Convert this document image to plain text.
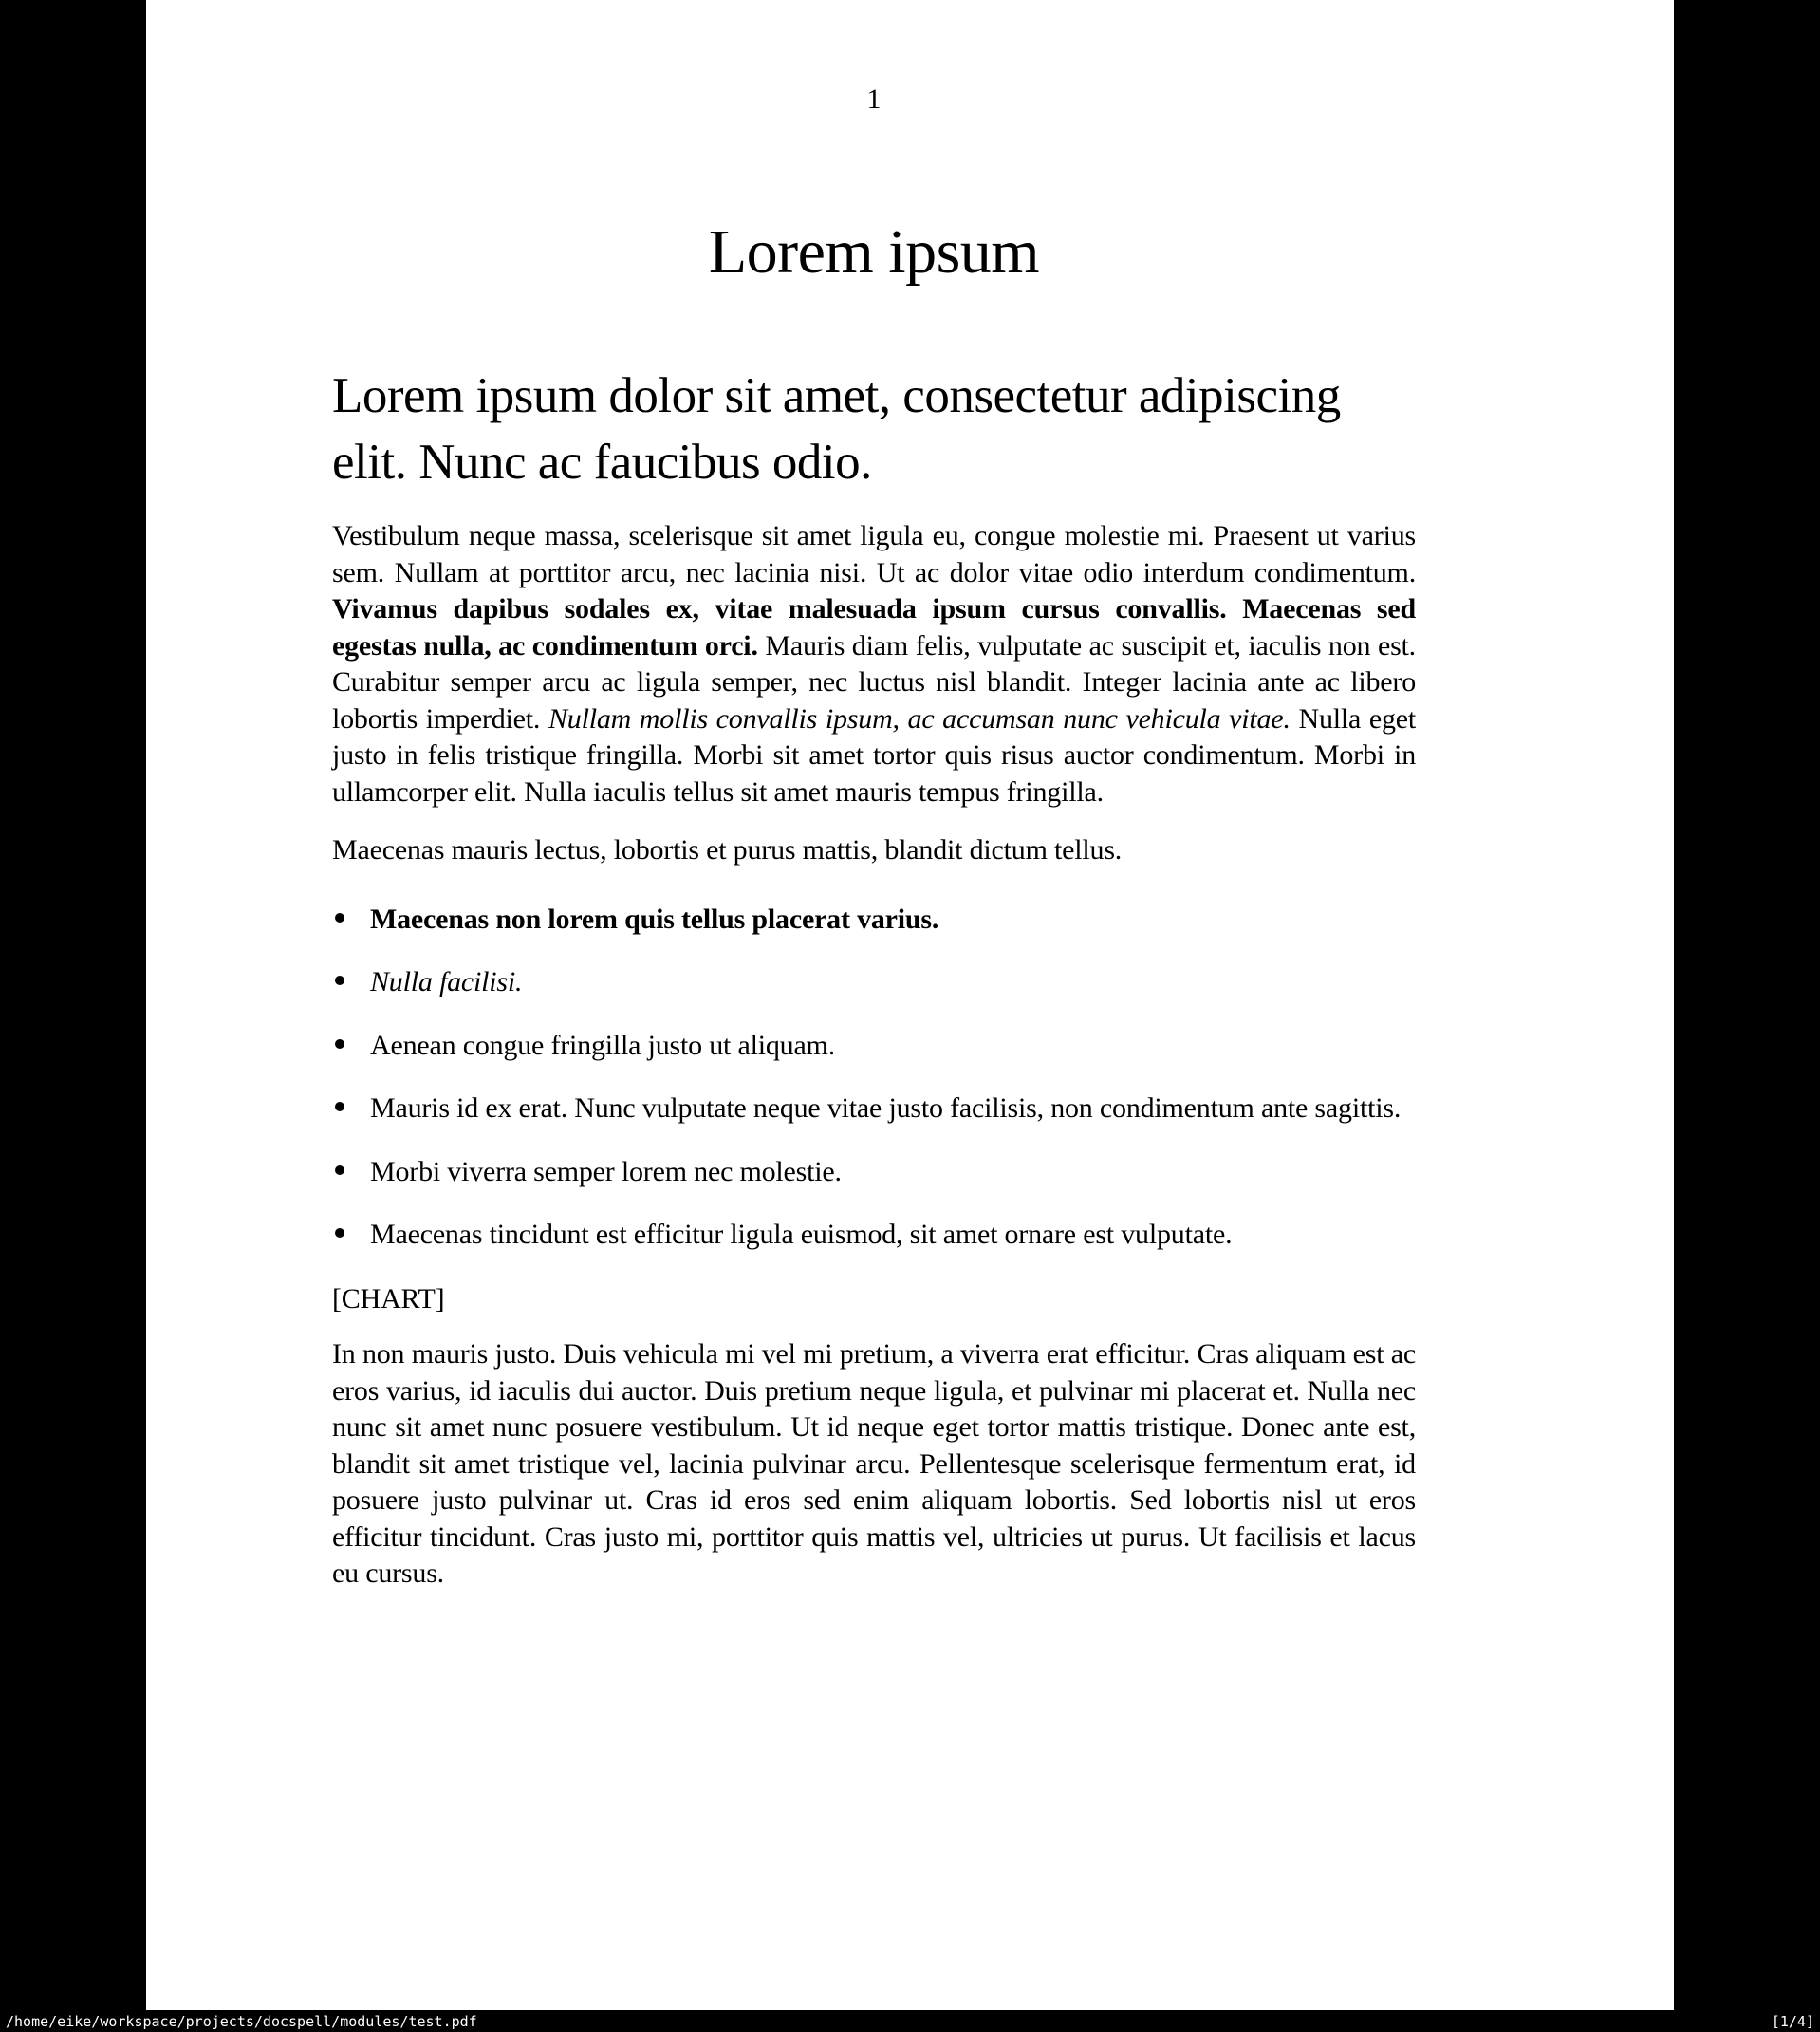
1
Lorem ipsum
Lorem ipsum dolor sit amet, consectetur adipiscing elit. Nunc ac faucibus odio.

Vestibulum neque massa, scelerisque sit amet ligula eu, congue molestie mi. Praesent ut varius sem. Nullam at porttitor arcu, nec lacinia nisi. Ut ac dolor vitae odio interdum condimentum. Vivamus dapibus sodales ex, vitae malesuada ipsum cursus convallis. Maecenas sed egestas nulla, ac condimentum orci. Mauris diam felis, vulputate ac suscipit et, iaculis non est. Curabitur semper arcu ac ligula semper, nec luctus nisl blandit. Integer lacinia ante ac libero lobortis imperdiet. Nullam mollis convallis ipsum, ac accumsan nunc vehicula vitae. Nulla eget justo in felis tristique fringilla. Morbi sit amet tortor quis risus auctor condimentum. Morbi in ullamcorper elit. Nulla iaculis tellus sit amet mauris tempus fringilla.

Maecenas mauris lectus, lobortis et purus mattis, blandit dictum tellus.

Maecenas non lorem quis tellus placerat varius.
Nulla facilisi.
Aenean congue fringilla justo ut aliquam.
Mauris id ex erat. Nunc vulputate neque vitae justo facilisis, non condimentum ante sagittis.
Morbi viverra semper lorem nec molestie.
Maecenas tincidunt est efficitur ligula euismod, sit amet ornare est vulputate.

[CHART]

In non mauris justo. Duis vehicula mi vel mi pretium, a viverra erat efficitur. Cras aliquam est ac eros varius, id iaculis dui auctor. Duis pretium neque ligula, et pulvinar mi placerat et. Nulla nec nunc sit amet nunc posuere vestibulum. Ut id neque eget tortor mattis tristique. Donec ante est, blandit sit amet tristique vel, lacinia pulvinar arcu. Pellentesque scelerisque fermentum erat, id posuere justo pulvinar ut. Cras id eros sed enim aliquam lobortis. Sed lobortis nisl ut eros efficitur tincidunt. Cras justo mi, porttitor quis mattis vel, ultricies ut purus. Ut facilisis et lacus eu cursus.

/home/eike/workspace/projects/docspell/modules/test.pdf	[1/4]
